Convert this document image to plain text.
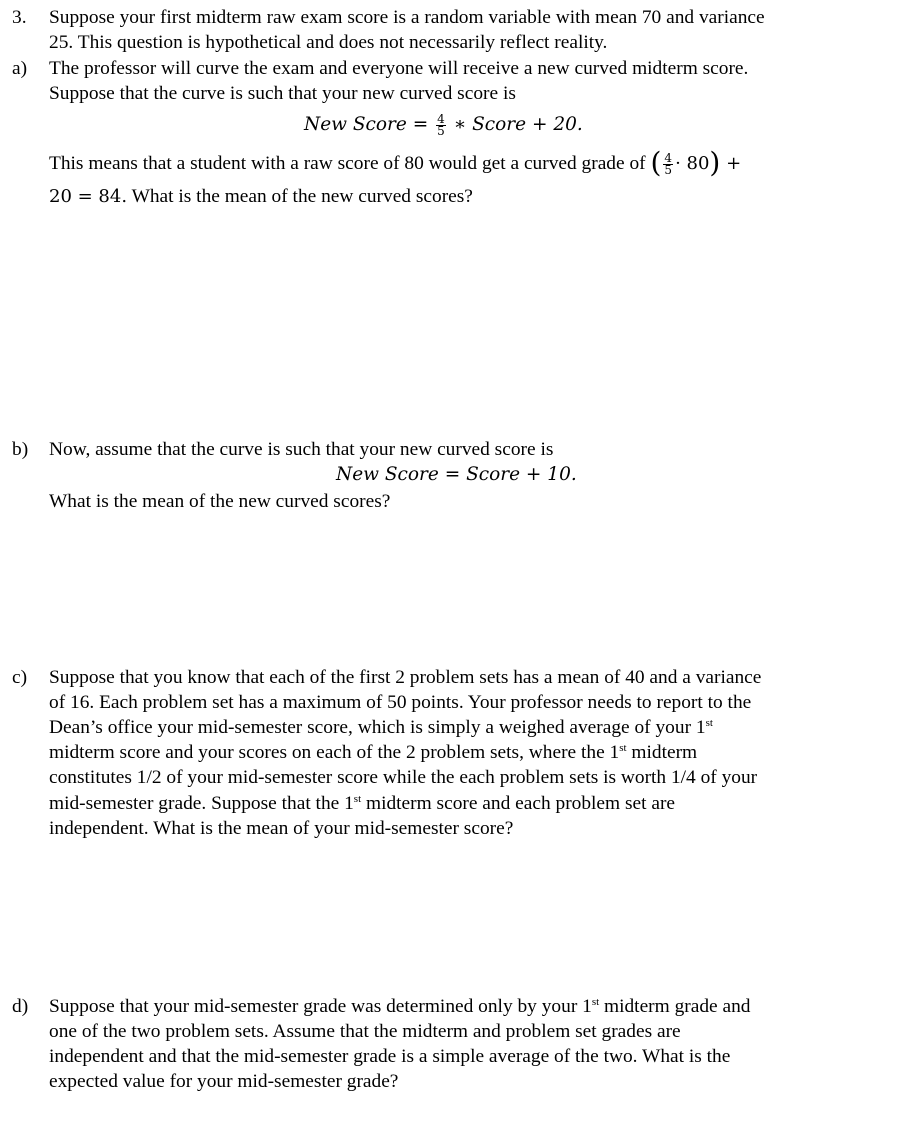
3. Suppose your first midterm raw exam score is a random variable with mean 70 and variance
25. This question is hypothetical and does not necessarily reflect reality.
a) The professor will curve the exam and everyone will receive a new curved midterm score.
Suppose that the curve is such that your new curved score is
New Score = $\frac{4}{5}$ ∗ Score + 20.
This means that a student with a raw score of 80 would get a curved grade of ( $\frac{4}{5} \cdot 80$) +
20 = 84. What is the mean of the new curved scores?
b) Now, assume that the curve is such that your new curved score is
New Score = Score + 10.
What is the mean of the new curved scores?
c) Suppose that you know that each of the first 2 problem sets has a mean of 40 and a variance
of 16. Each problem set has a maximum of 50 points. Your professor needs to report to the
Dean’s office your mid-semester score, which is simply a weighed average of your 1st
midterm score and your scores on each of the 2 problem sets, where the 1st midterm
constitutes 1/2 of your mid-semester score while the each problem sets is worth 1/4 of your
mid-semester grade. Suppose that the 1st midterm score and each problem set are
independent. What is the mean of your mid-semester score?
d) Suppose that your mid-semester grade was determined only by your 1st midterm grade and
one of the two problem sets. Assume that the midterm and problem set grades are
independent and that the mid-semester grade is a simple average of the two. What is the
expected value for your mid-semester grade?
